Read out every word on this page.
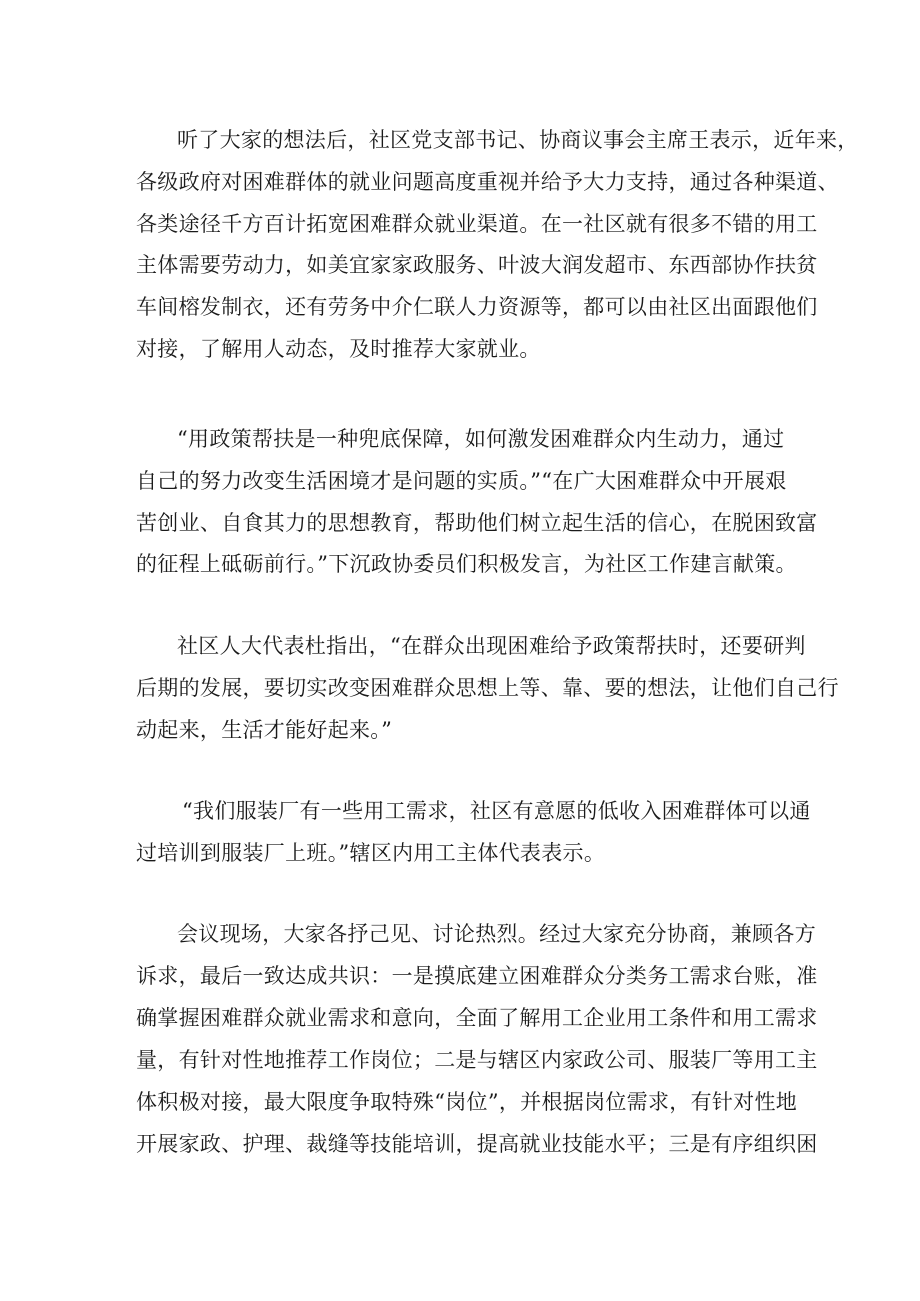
听了大家的想法后，社区党支部书记、协商议事会主席王表示，近年来，
各级政府对困难群体的就业问题高度重视并给予大力支持，通过各种渠道、
各类途径千方百计拓宽困难群众就业渠道。在一社区就有很多不错的用工
主体需要劳动力，如美宜家家政服务、叶波大润发超市、东西部协作扶贫
车间榕发制衣，还有劳务中介仁联人力资源等，都可以由社区出面跟他们
对接，了解用人动态，及时推荐大家就业。
“用政策帮扶是一种兜底保障，如何激发困难群众内生动力，通过
自己的努力改变生活困境才是问题的实质。”“在广大困难群众中开展艰
苦创业、自食其力的思想教育，帮助他们树立起生活的信心，在脱困致富
的征程上砥砺前行。”下沉政协委员们积极发言，为社区工作建言献策。
社区人大代表杜指出，“在群众出现困难给予政策帮扶时，还要研判
后期的发展，要切实改变困难群众思想上等、靠、要的想法，让他们自己行
动起来，生活才能好起来。”
“我们服装厂有一些用工需求，社区有意愿的低收入困难群体可以通
过培训到服装厂上班。”辖区内用工主体代表表示。
会议现场，大家各抒己见、讨论热烈。经过大家充分协商，兼顾各方
诉求，最后一致达成共识：一是摸底建立困难群众分类务工需求台账，准
确掌握困难群众就业需求和意向，全面了解用工企业用工条件和用工需求
量，有针对性地推荐工作岗位；二是与辖区内家政公司、服装厂等用工主
体积极对接，最大限度争取特殊“岗位”，并根据岗位需求，有针对性地
开展家政、护理、裁缝等技能培训，提高就业技能水平；三是有序组织困
